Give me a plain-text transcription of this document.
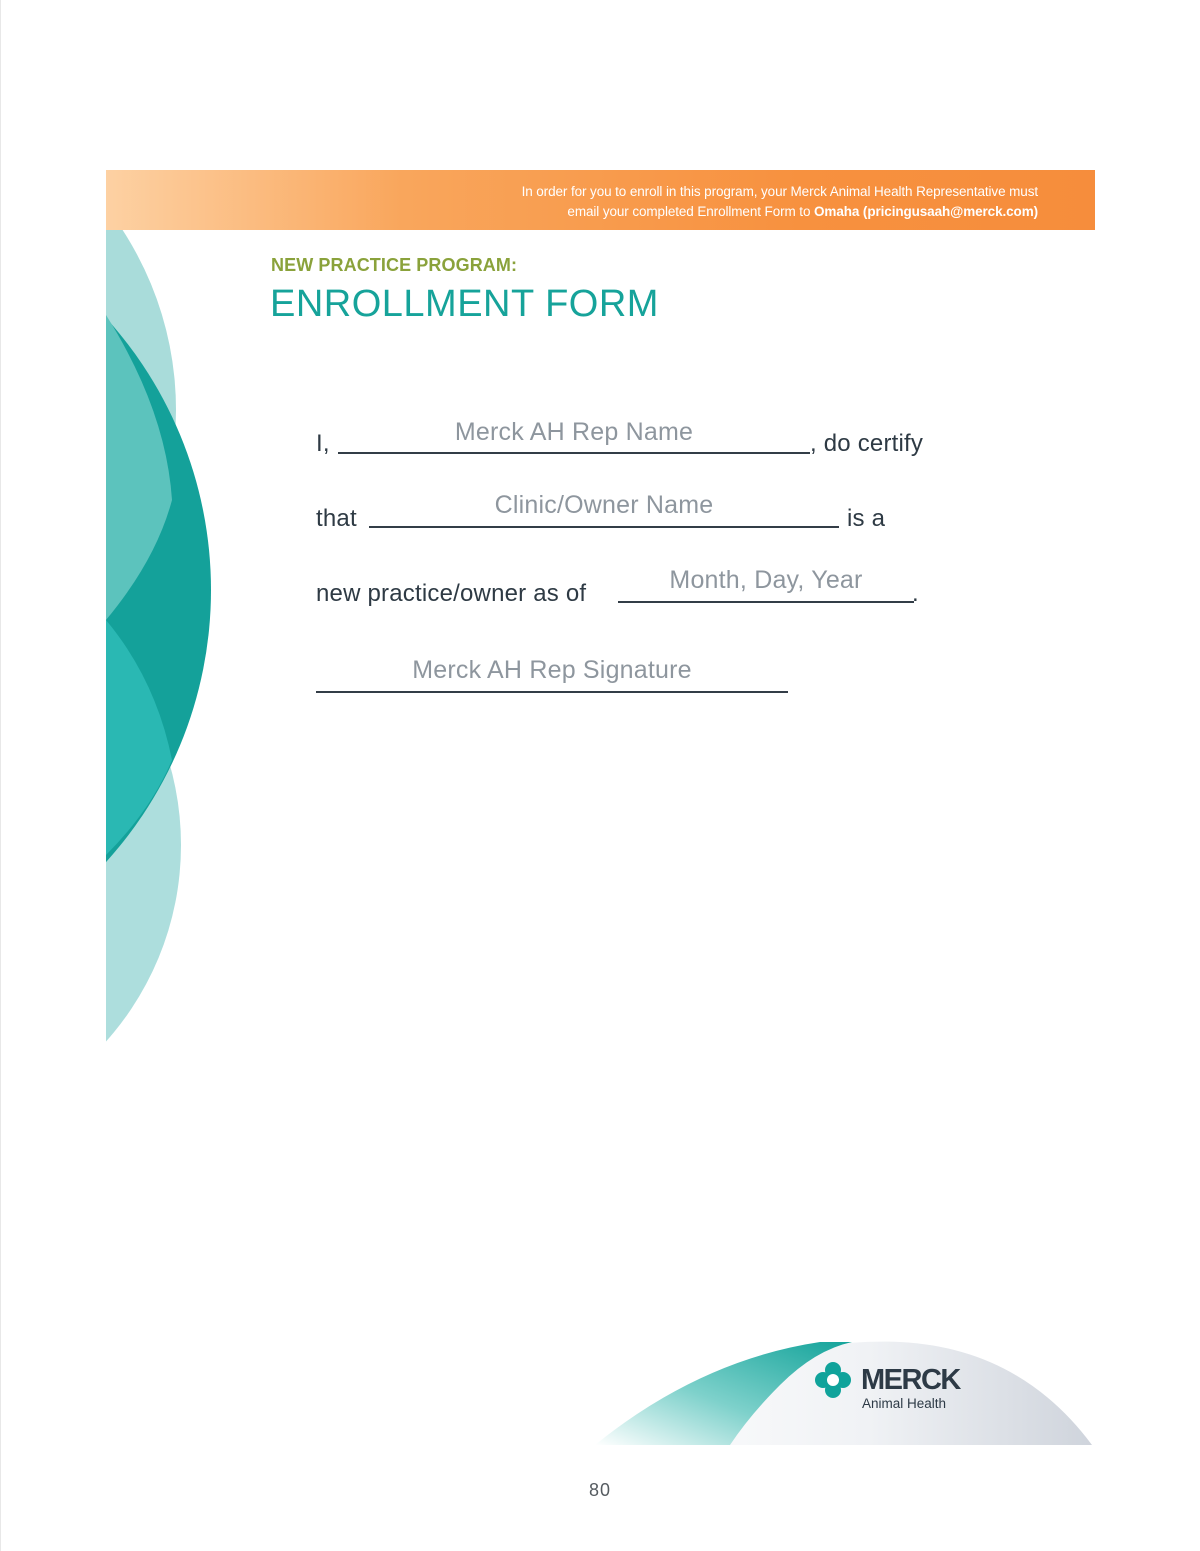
In order for you to enroll in this program, your Merck Animal Health Representative must
email your completed Enrollment Form to Omaha (pricingusaah@merck.com)
NEW PRACTICE PROGRAM:
ENROLLMENT FORM
I,	Merck AH Rep Name	, do certify
that	Clinic/Owner Name	is a
new practice/owner as of	Month, Day, Year	.
Merck AH Rep Signature
MERCK
Animal Health
80
